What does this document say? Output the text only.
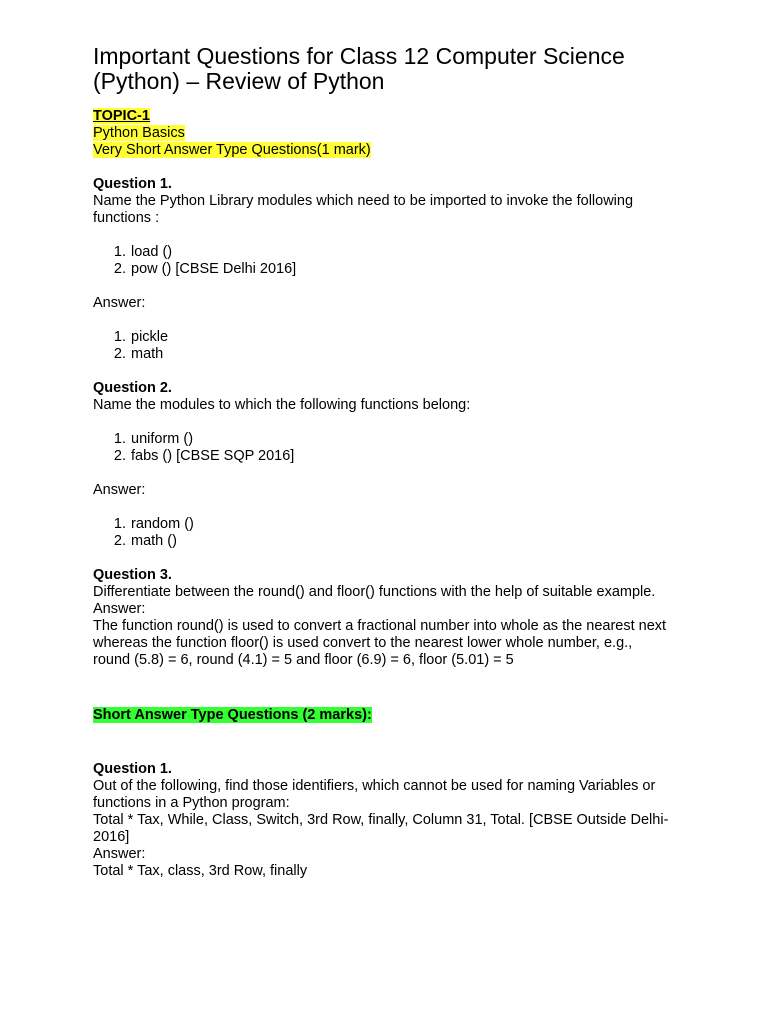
Important Questions for Class 12 Computer Science
(Python) – Review of Python
TOPIC-1
Python Basics
Very Short Answer Type Questions(1 mark)

Question 1.

Name the Python Library modules which need to be imported to invoke the following functions :

1. load ()
2. pow () [CBSE Delhi 2016]

Answer:

1. pickle
2. math

Question 2.

Name the modules to which the following functions belong:

1. uniform ()
2. fabs () [CBSE SQP 2016]

Answer:

1. random ()
2. math ()

Question 3.

Differentiate between the round() and floor() functions with the help of suitable example.

Answer:

The function round() is used to convert a fractional number into whole as the nearest next whereas the function floor() is used convert to the nearest lower whole number, e.g.,

round (5.8) = 6, round (4.1) = 5 and floor (6.9) = 6, floor (5.01) = 5

Short Answer Type Questions (2 marks):

Question 1.

Out of the following, find those identifiers, which cannot be used for naming Variables or functions in a Python program:

Total * Tax, While, Class, Switch, 3rd Row, finally, Column 31, Total. [CBSE Outside Delhi-2016]

Answer:

Total * Tax, class, 3rd Row, finally
